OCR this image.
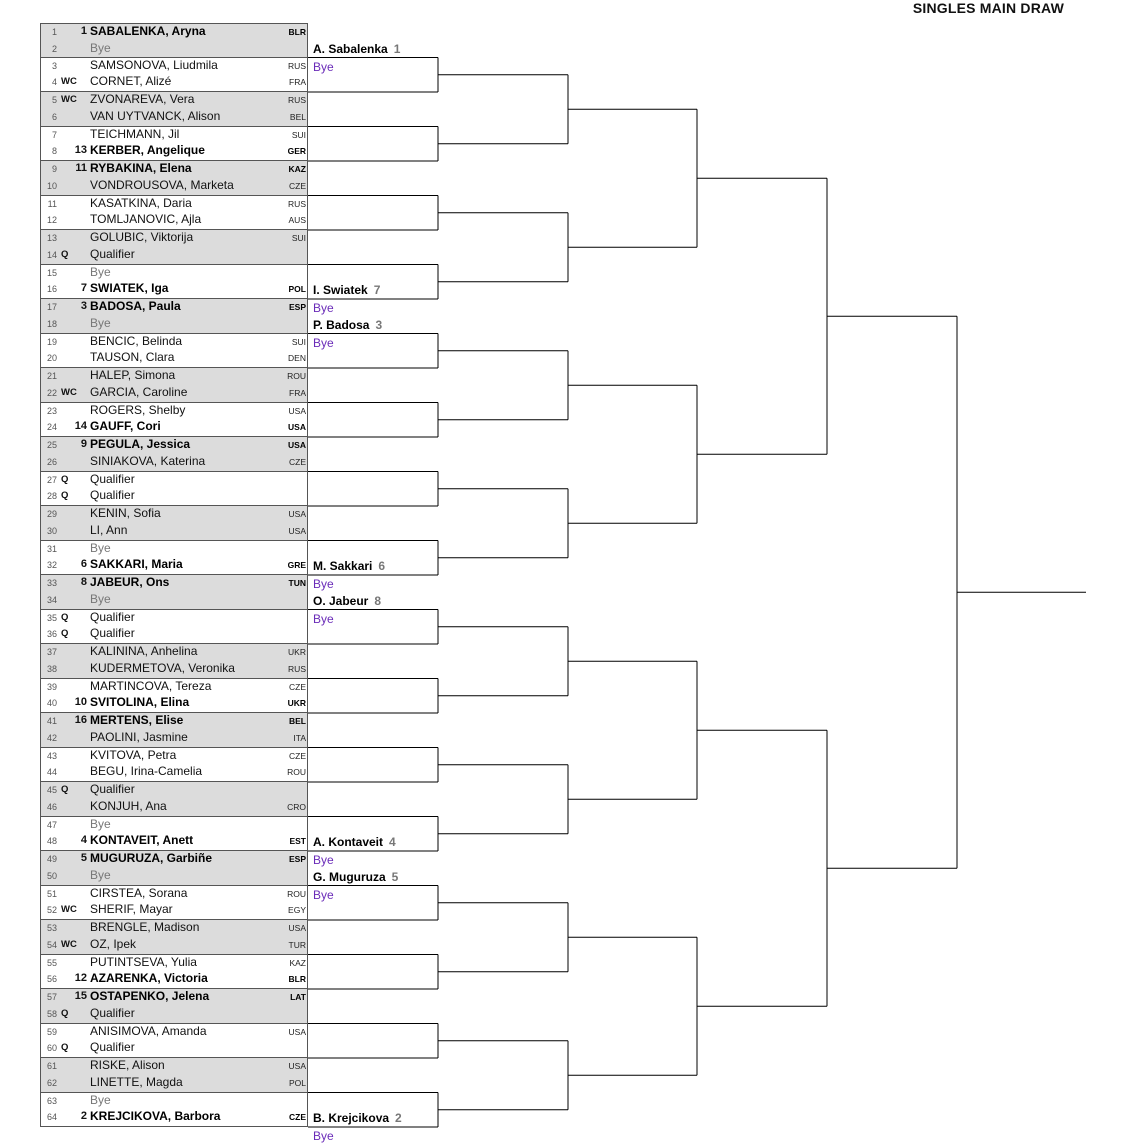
SINGLES MAIN DRAW
1	1 SABALENKA, Aryna	BLR
2	Bye
3	SAMSONOVA, Liudmila	RUS
4 WC CORNET, Alizé	FRA
5 WC ZVONAREVA, Vera	RUS
6	VAN UYTVANCK, Alison	BEL
7	TEICHMANN, Jil	SUI
8	13 KERBER, Angelique	GER
9	11 RYBAKINA, Elena	KAZ
10	VONDROUSOVA, Marketa	CZE
11	KASATKINA, Daria	RUS
12	TOMLJANOVIC, Ajla	AUS
13	GOLUBIC, Viktorija	SUI
14 Q Qualifier
15	Bye
16	7 SWIATEK, Iga	POL
17	3 BADOSA, Paula	ESP
18	Bye
19	BENCIC, Belinda	SUI
20	TAUSON, Clara	DEN
21	HALEP, Simona	ROU
22 WC GARCIA, Caroline	FRA
23	ROGERS, Shelby	USA
24	14 GAUFF, Cori	USA
25	9 PEGULA, Jessica	USA
26	SINIAKOVA, Katerina	CZE
27 Q Qualifier
28 Q Qualifier
29	KENIN, Sofia	USA
30	LI, Ann	USA
31	Bye
32	6 SAKKARI, Maria	GRE
33	8 JABEUR, Ons	TUN
34	Bye
35 Q Qualifier
36 Q Qualifier
37	KALININA, Anhelina	UKR
38	KUDERMETOVA, Veronika	RUS
39	MARTINCOVA, Tereza	CZE
40	10 SVITOLINA, Elina	UKR
41	16 MERTENS, Elise	BEL
42	PAOLINI, Jasmine	ITA
43	KVITOVA, Petra	CZE
44	BEGU, Irina-Camelia	ROU
45 Q Qualifier
46	KONJUH, Ana	CRO
47	Bye
48	4 KONTAVEIT, Anett	EST
49	5 MUGURUZA, Garbiñe	ESP
50	Bye
51	CIRSTEA, Sorana	ROU
52 WC SHERIF, Mayar	EGY
53	BRENGLE, Madison	USA
54 WC OZ, Ipek	TUR
55	PUTINTSEVA, Yulia	KAZ
56	12 AZARENKA, Victoria	BLR
57	15 OSTAPENKO, Jelena	LAT
58 Q Qualifier
59	ANISIMOVA, Amanda	USA
60 Q Qualifier
61	RISKE, Alison	USA
62	LINETTE, Magda	POL
63	Bye
64	2 KREJCIKOVA, Barbora	CZE
A. Sabalenka 1
Bye
I. Swiatek 7
Bye
P. Badosa 3
Bye
M. Sakkari 6
Bye
O. Jabeur 8
Bye
A. Kontaveit 4
Bye
G. Muguruza 5
Bye
B. Krejcikova 2
Bye
